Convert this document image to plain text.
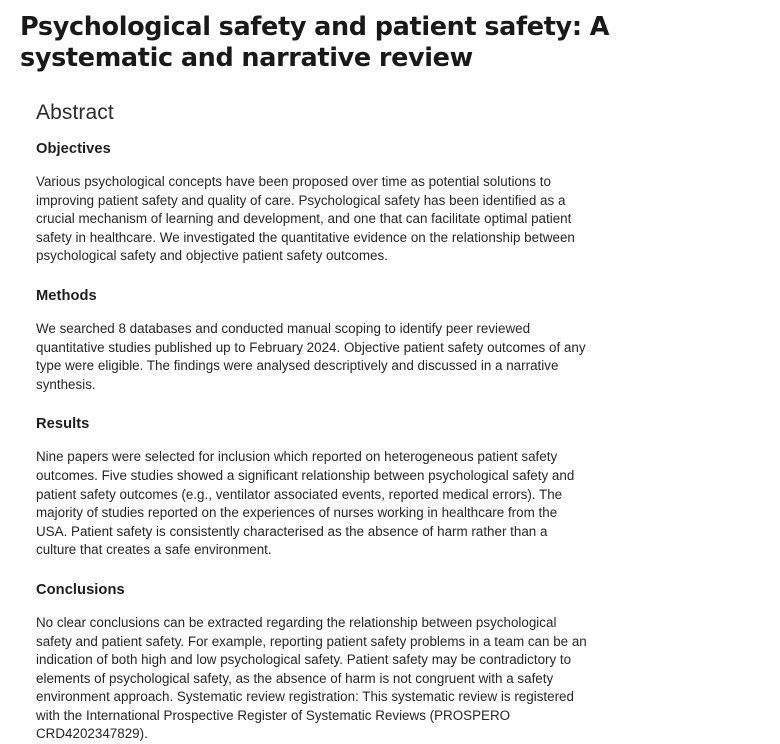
Psychological safety and patient safety: A systematic and narrative review
Abstract
Objectives

Various psychological concepts have been proposed over time as potential solutions to improving patient safety and quality of care. Psychological safety has been identified as a crucial mechanism of learning and development, and one that can facilitate optimal patient safety in healthcare. We investigated the quantitative evidence on the relationship between psychological safety and objective patient safety outcomes.

Methods

We searched 8 databases and conducted manual scoping to identify peer reviewed quantitative studies published up to February 2024. Objective patient safety outcomes of any type were eligible. The findings were analysed descriptively and discussed in a narrative synthesis.

Results

Nine papers were selected for inclusion which reported on heterogeneous patient safety outcomes. Five studies showed a significant relationship between psychological safety and patient safety outcomes (e.g., ventilator associated events, reported medical errors). The majority of studies reported on the experiences of nurses working in healthcare from the USA. Patient safety is consistently characterised as the absence of harm rather than a culture that creates a safe environment.

Conclusions

No clear conclusions can be extracted regarding the relationship between psychological safety and patient safety. For example, reporting patient safety problems in a team can be an indication of both high and low psychological safety. Patient safety may be contradictory to elements of psychological safety, as the absence of harm is not congruent with a safety environment approach. Systematic review registration: This systematic review is registered with the International Prospective Register of Systematic Reviews (PROSPERO CRD4202347829).
